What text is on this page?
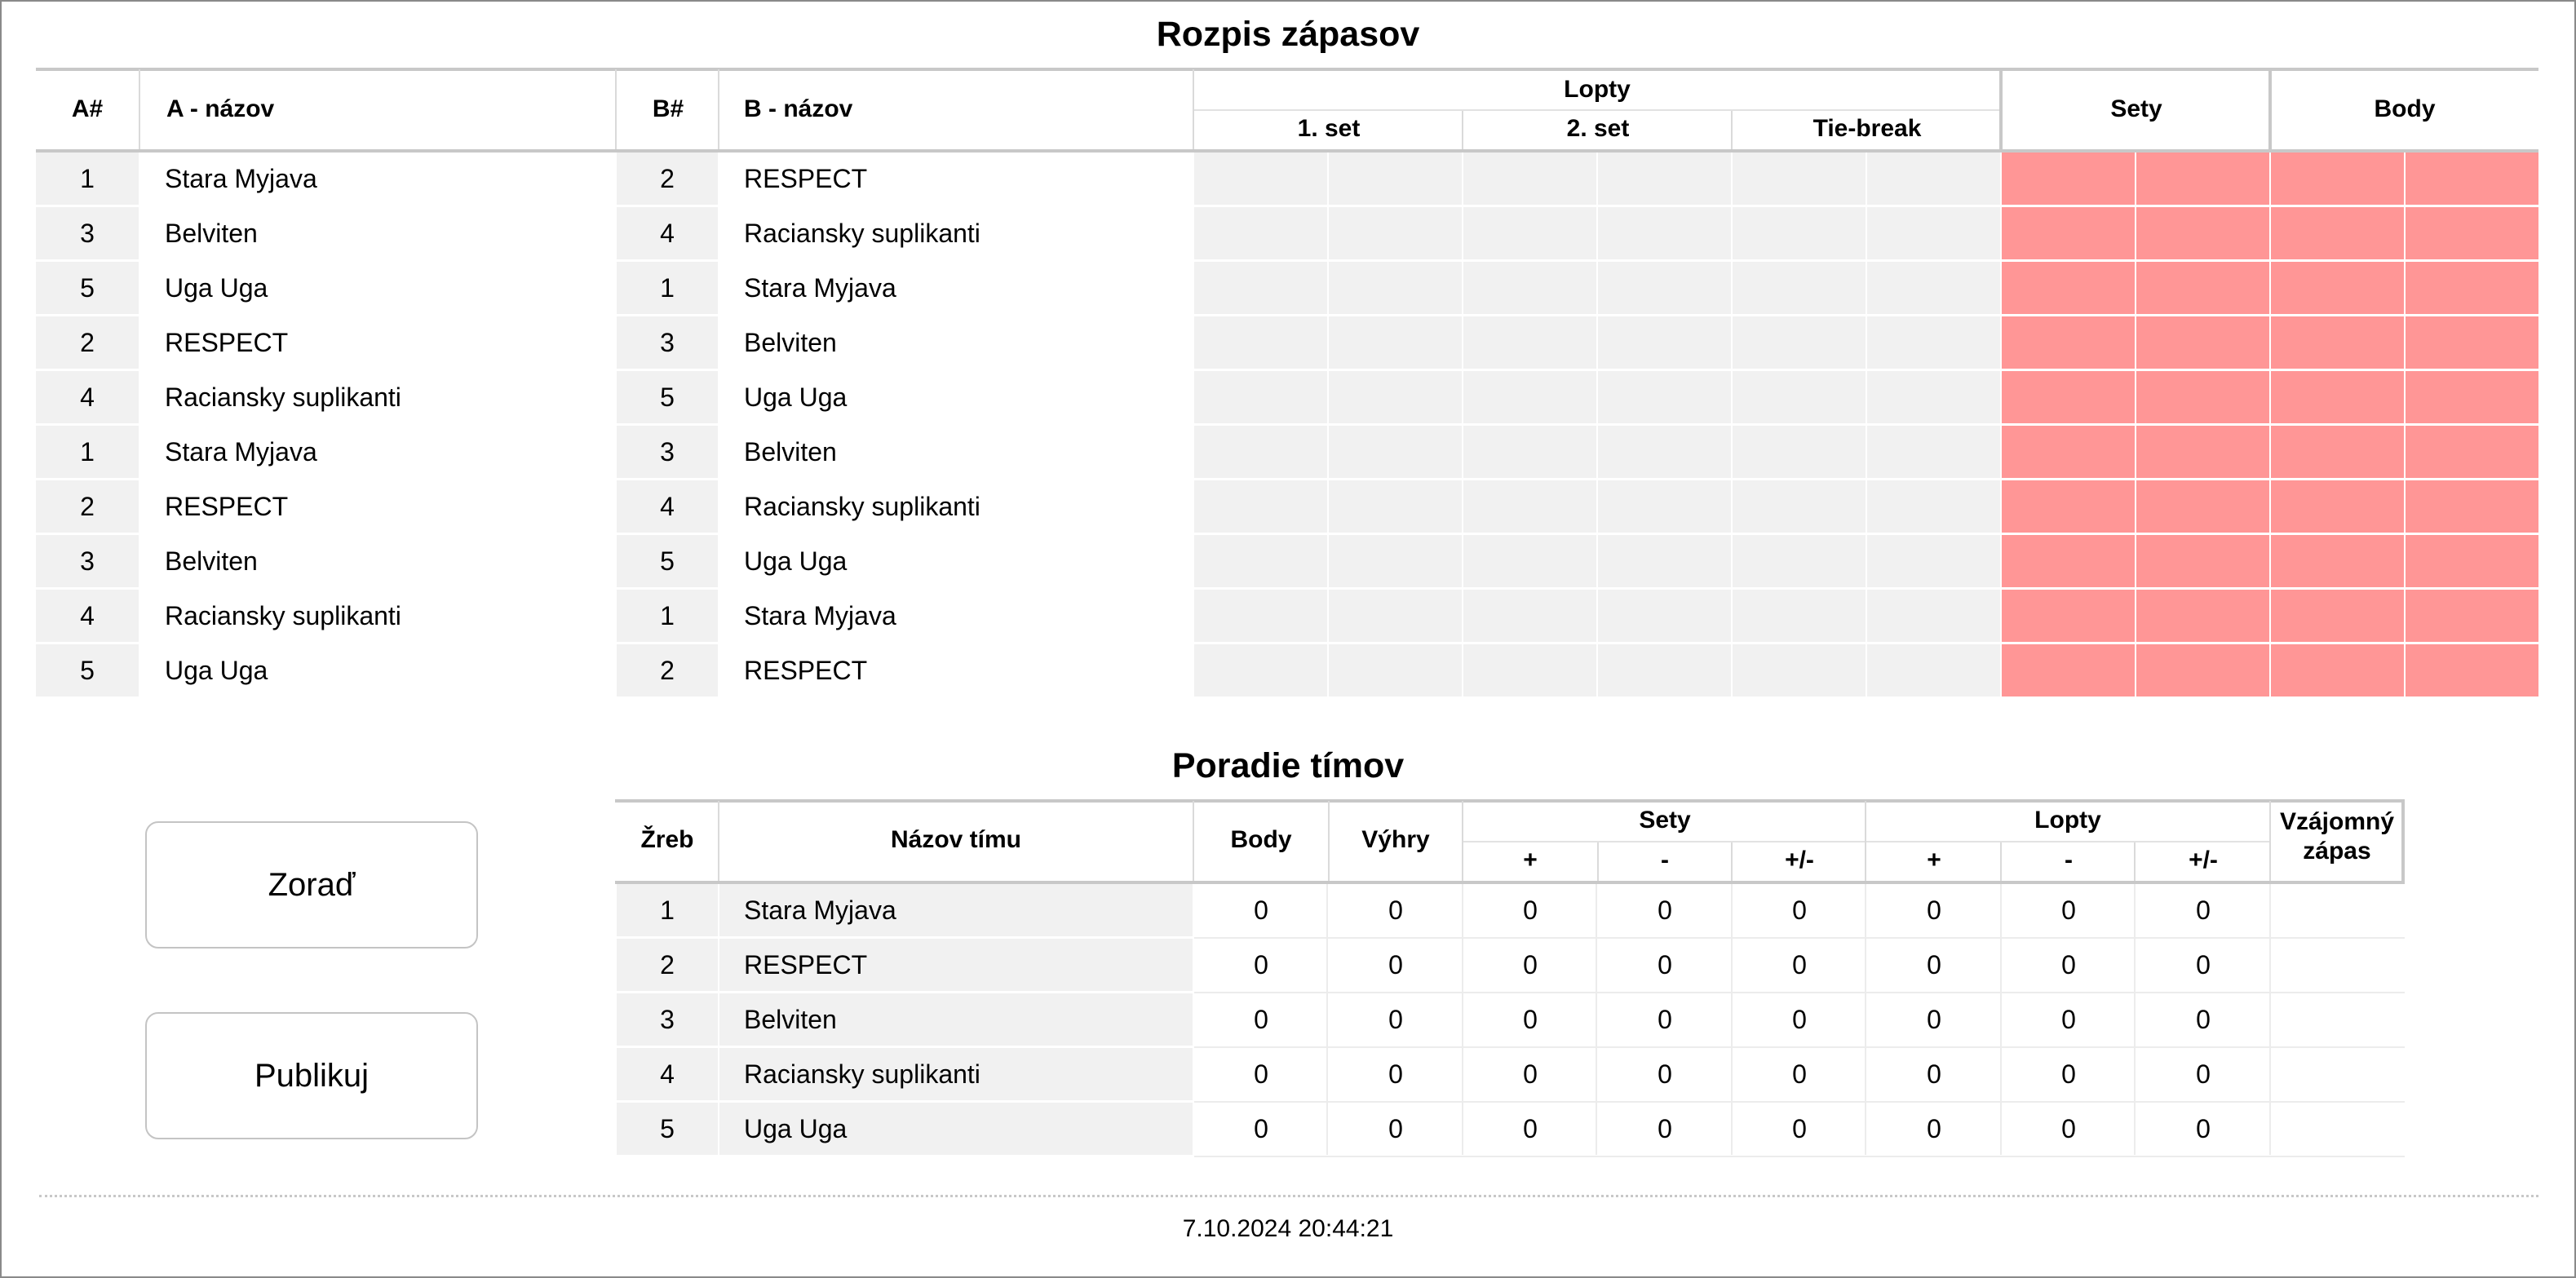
Rozpis zápasov
A#	A - názov	B#	B - názov
Lopty
1. set	2. set	Tie-break
Sety	Body
1	Stara Myjava	2	RESPECT
3	Belviten	4	Raciansky suplikanti
5	Uga Uga	1	Stara Myjava
2	RESPECT	3	Belviten
4	Raciansky suplikanti	5	Uga Uga
1	Stara Myjava	3	Belviten
2	RESPECT	4	Raciansky suplikanti
3	Belviten	5	Uga Uga
4	Raciansky suplikanti	1	Stara Myjava
5	Uga Uga	2	RESPECT
Poradie tímov
Žreb	Názov tímu	Body	Výhry
Sety	Lopty
+	-	+/-	+	-	+/-
Vzájomný zápas
1	Stara Myjava	0	0	0	0	0	0	0	0
2	RESPECT	0	0	0	0	0	0	0	0
3	Belviten	0	0	0	0	0	0	0	0
4	Raciansky suplikanti	0	0	0	0	0	0	0	0
5	Uga Uga	0	0	0	0	0	0	0	0
Zoraď
Publikuj
7.10.2024 20:44:21
